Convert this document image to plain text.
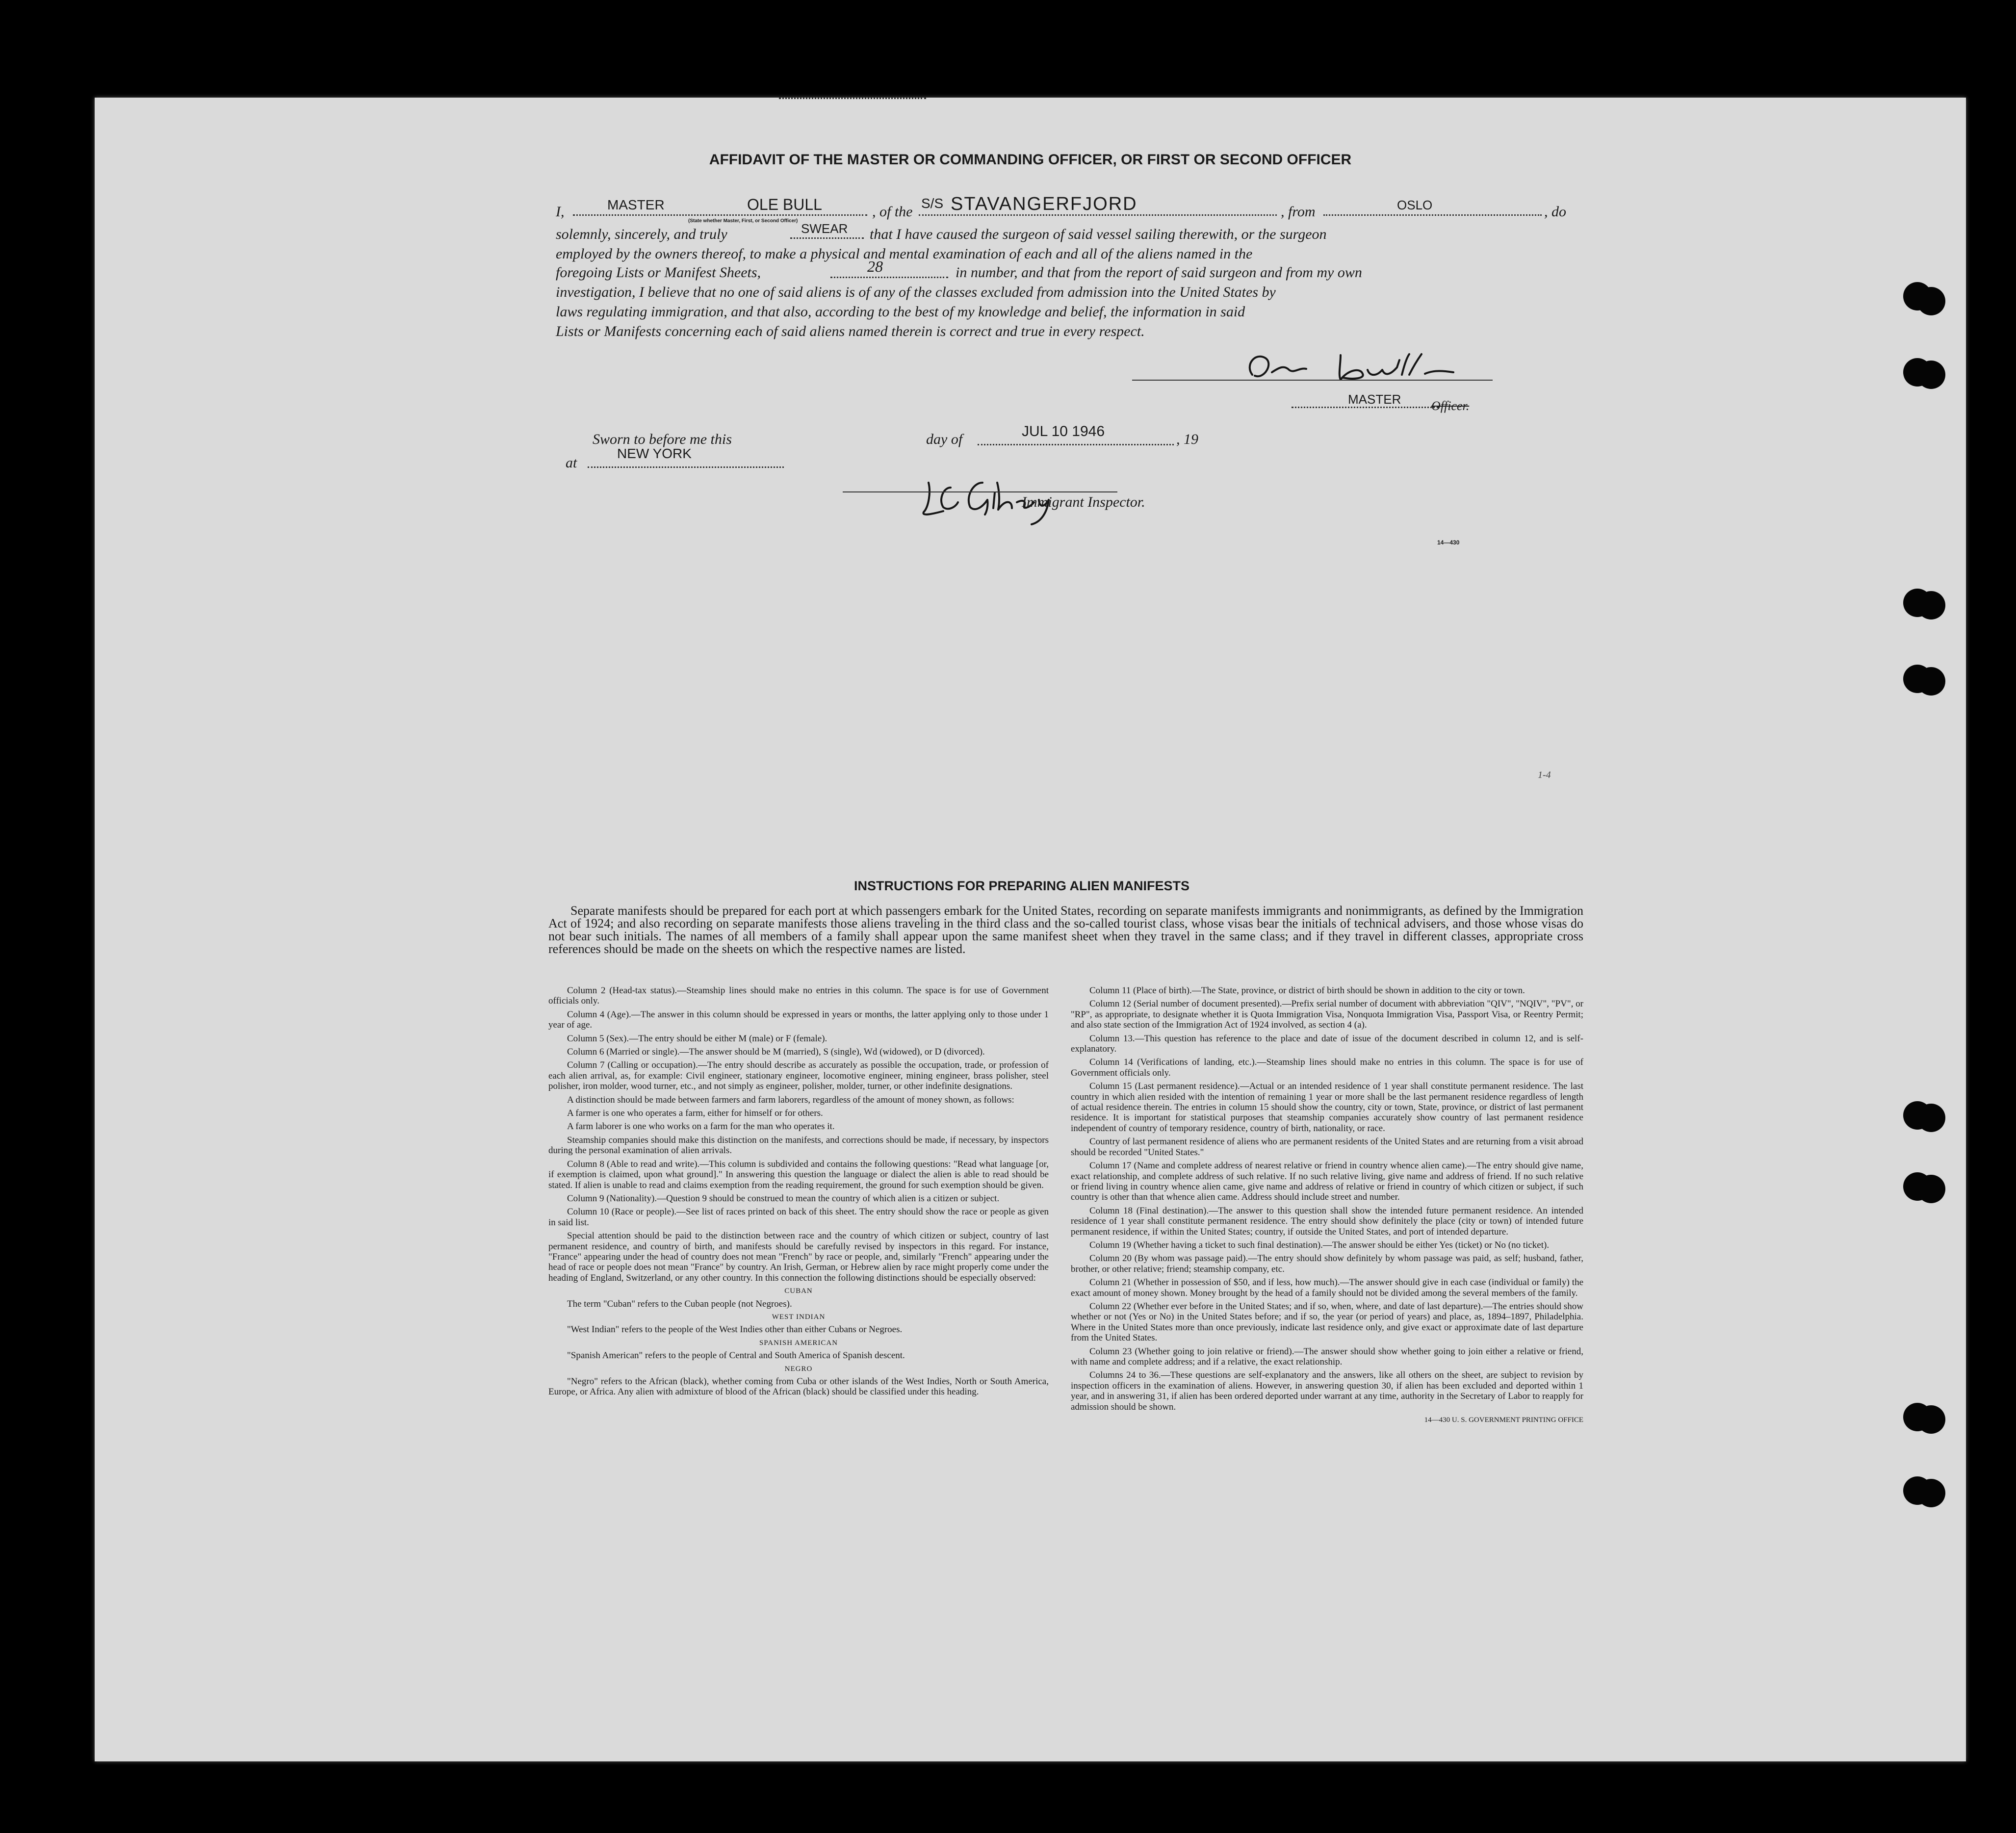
AFFIDAVIT OF THE MASTER OR COMMANDING OFFICER, OR FIRST OR SECOND OFFICER
I,	MASTER	OLE BULL
(State whether Master, First, or Second Officer)
, of the
S/S STAVANGERFJORD	, from	OSLO	, do
solemnly, sincerely, and truly	SWEAR that I have caused the surgeon of said vessel sailing therewith, or the surgeon
employed by the owners thereof, to make a physical and mental examination of each and all of the aliens named in the
foregoing Lists or Manifest Sheets,	28	in number, and that from the report of said surgeon and from my own
investigation, I believe that no one of said aliens is of any of the classes excluded from admission into the United States by
laws regulating immigration, and that also, according to the best of my knowledge and belief, the information in said
Lists or Manifests concerning each of said aliens named therein is correct and true in every respect.
MASTER Officer.
Sworn to before me this	day of	JUL 10 1946	, 19
at
NEW YORK
Immigrant Inspector.
14—430
1-4
INSTRUCTIONS FOR PREPARING ALIEN MANIFESTS
Separate manifests should be prepared for each port at which passengers embark for the United States, recording on separate manifests immigrants and nonimmigrants, as defined by the Immigration Act of 1924; and also recording on separate manifests those aliens traveling in the third class and the so-called tourist class, whose visas bear the initials of technical advisers, and those whose visas do not bear such initials. The names of all members of a family shall appear upon the same manifest sheet when they travel in the same class; and if they travel in different classes, appropriate cross references should be made on the sheets on which the respective names are listed.

Column 2 (Head-tax status).—Steamship lines should make no entries in this column. The space is for use of Government officials only.

Column 4 (Age).—The answer in this column should be expressed in years or months, the latter applying only to those under 1 year of age.

Column 5 (Sex).—The entry should be either M (male) or F (female).

Column 6 (Married or single).—The answer should be M (married), S (single), Wd (widowed), or D (divorced).

Column 7 (Calling or occupation).—The entry should describe as accurately as possible the occupation, trade, or profession of each alien arrival, as, for example: Civil engineer, stationary engineer, locomotive engineer, mining engineer, brass polisher, steel polisher, iron molder, wood turner, etc., and not simply as engineer, polisher, molder, turner, or other indefinite designations.

A distinction should be made between farmers and farm laborers, regardless of the amount of money shown, as follows:

A farmer is one who operates a farm, either for himself or for others.

A farm laborer is one who works on a farm for the man who operates it.

Steamship companies should make this distinction on the manifests, and corrections should be made, if necessary, by inspectors during the personal examination of alien arrivals.

Column 8 (Able to read and write).—This column is subdivided and contains the following questions: "Read what language [or, if exemption is claimed, upon what ground]." In answering this question the language or dialect the alien is able to read should be stated. If alien is unable to read and claims exemption from the reading requirement, the ground for such exemption should be given.

Column 9 (Nationality).—Question 9 should be construed to mean the country of which alien is a citizen or subject.

Column 10 (Race or people).—See list of races printed on back of this sheet. The entry should show the race or people as given in said list.

Special attention should be paid to the distinction between race and the country of which citizen or subject, country of last permanent residence, and country of birth, and manifests should be carefully revised by inspectors in this regard. For instance, "France" appearing under the head of country does not mean "French" by race or people, and, similarly "French" appearing under the head of race or people does not mean "France" by country. An Irish, German, or Hebrew alien by race might properly come under the heading of England, Switzerland, or any other country. In this connection the following distinctions should be especially observed:

CUBAN

The term "Cuban" refers to the Cuban people (not Negroes).

WEST INDIAN

"West Indian" refers to the people of the West Indies other than either Cubans or Negroes.

SPANISH AMERICAN

"Spanish American" refers to the people of Central and South America of Spanish descent.

NEGRO

"Negro" refers to the African (black), whether coming from Cuba or other islands of the West Indies, North or South America, Europe, or Africa. Any alien with admixture of blood of the African (black) should be classified under this heading.

Column 11 (Place of birth).—The State, province, or district of birth should be shown in addition to the city or town.

Column 12 (Serial number of document presented).—Prefix serial number of document with abbreviation "QIV", "NQIV", "PV", or "RP", as appropriate, to designate whether it is Quota Immigration Visa, Nonquota Immigration Visa, Passport Visa, or Reentry Permit; and also state section of the Immigration Act of 1924 involved, as section 4 (a).

Column 13.—This question has reference to the place and date of issue of the document described in column 12, and is self-explanatory.

Column 14 (Verifications of landing, etc.).—Steamship lines should make no entries in this column. The space is for use of Government officials only.

Column 15 (Last permanent residence).—Actual or an intended residence of 1 year shall constitute permanent residence. The last country in which alien resided with the intention of remaining 1 year or more shall be the last permanent residence regardless of length of actual residence therein. The entries in column 15 should show the country, city or town, State, province, or district of last permanent residence. It is important for statistical purposes that steamship companies accurately show country of last permanent residence independent of country of temporary residence, country of birth, nationality, or race.

Country of last permanent residence of aliens who are permanent residents of the United States and are returning from a visit abroad should be recorded "United States."

Column 17 (Name and complete address of nearest relative or friend in country whence alien came).—The entry should give name, exact relationship, and complete address of such relative. If no such relative living, give name and address of friend. If no such relative or friend living in country whence alien came, give name and address of relative or friend in country of which citizen or subject, if such country is other than that whence alien came. Address should include street and number.

Column 18 (Final destination).—The answer to this question shall show the intended future permanent residence. An intended residence of 1 year shall constitute permanent residence. The entry should show definitely the place (city or town) of intended future permanent residence, if within the United States; country, if outside the United States, and port of intended departure.

Column 19 (Whether having a ticket to such final destination).—The answer should be either Yes (ticket) or No (no ticket).

Column 20 (By whom was passage paid).—The entry should show definitely by whom passage was paid, as self; husband, father, brother, or other relative; friend; steamship company, etc.

Column 21 (Whether in possession of $50, and if less, how much).—The answer should give in each case (individual or family) the exact amount of money shown. Money brought by the head of a family should not be divided among the several members of the family.

Column 22 (Whether ever before in the United States; and if so, when, where, and date of last departure).—The entries should show whether or not (Yes or No) in the United States before; and if so, the year (or period of years) and place, as, 1894–1897, Philadelphia. Where in the United States more than once previously, indicate last residence only, and give exact or approximate date of last departure from the United States.

Column 23 (Whether going to join relative or friend).—The answer should show whether going to join either a relative or friend, with name and complete address; and if a relative, the exact relationship.

Columns 24 to 36.—These questions are self-explanatory and the answers, like all others on the sheet, are subject to revision by inspection officers in the examination of aliens. However, in answering question 30, if alien has been excluded and deported within 1 year, and in answering 31, if alien has been ordered deported under warrant at any time, authority in the Secretary of Labor to reapply for admission should be shown.

14—430 U. S. GOVERNMENT PRINTING OFFICE
